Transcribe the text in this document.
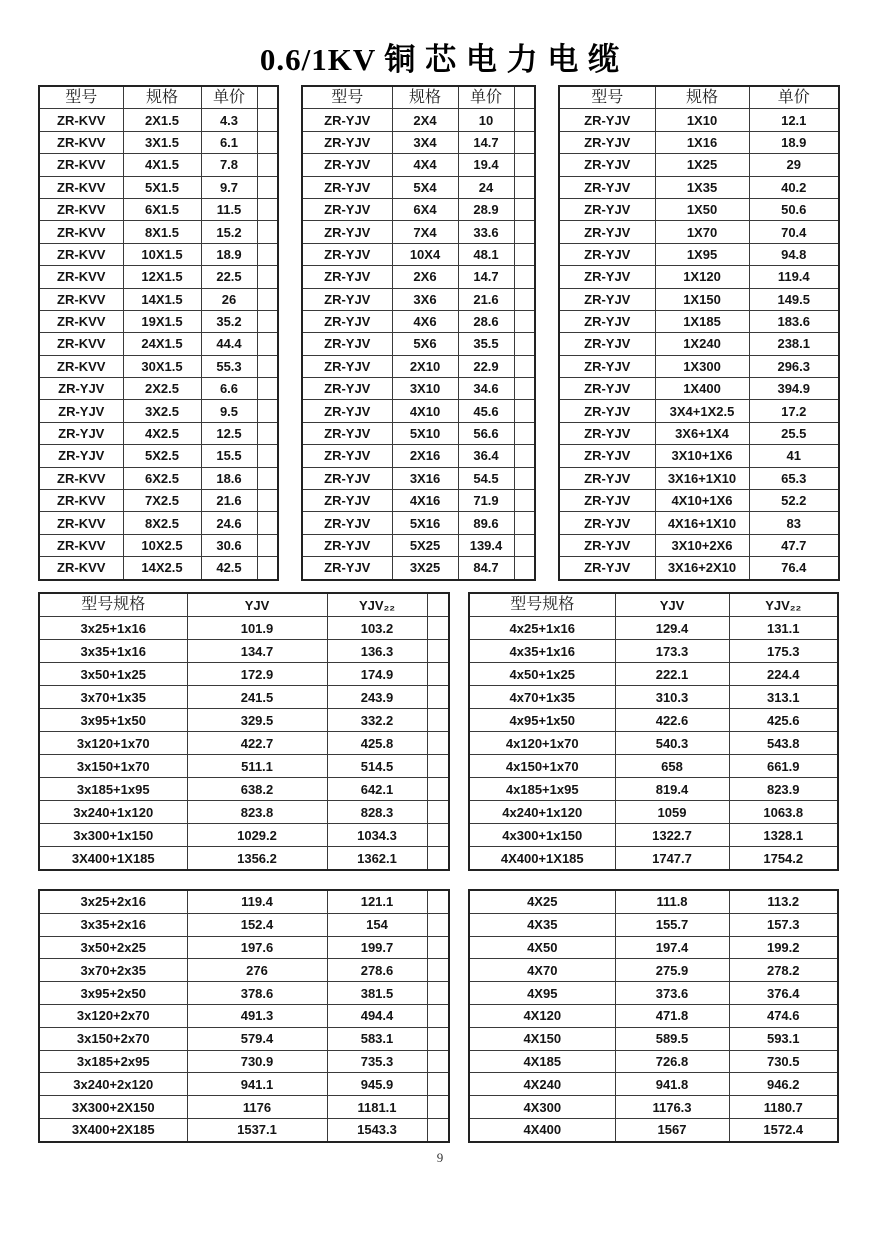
0.6/1KV 铜 芯 电 力 电 缆
型号	规格	单价	
ZR-KVV	2X1.5	4.3	
ZR-KVV	3X1.5	6.1	
ZR-KVV	4X1.5	7.8	
ZR-KVV	5X1.5	9.7	
ZR-KVV	6X1.5	11.5	
ZR-KVV	8X1.5	15.2	
ZR-KVV	10X1.5	18.9	
ZR-KVV	12X1.5	22.5	
ZR-KVV	14X1.5	26	
ZR-KVV	19X1.5	35.2	
ZR-KVV	24X1.5	44.4	
ZR-KVV	30X1.5	55.3	
ZR-YJV	2X2.5	6.6	
ZR-YJV	3X2.5	9.5	
ZR-YJV	4X2.5	12.5	
ZR-YJV	5X2.5	15.5	
ZR-KVV	6X2.5	18.6	
ZR-KVV	7X2.5	21.6	
ZR-KVV	8X2.5	24.6	
ZR-KVV	10X2.5	30.6	
ZR-KVV	14X2.5	42.5	
型号	规格	单价	
ZR-YJV	2X4	10	
ZR-YJV	3X4	14.7	
ZR-YJV	4X4	19.4	
ZR-YJV	5X4	24	
ZR-YJV	6X4	28.9	
ZR-YJV	7X4	33.6	
ZR-YJV	10X4	48.1	
ZR-YJV	2X6	14.7	
ZR-YJV	3X6	21.6	
ZR-YJV	4X6	28.6	
ZR-YJV	5X6	35.5	
ZR-YJV	2X10	22.9	
ZR-YJV	3X10	34.6	
ZR-YJV	4X10	45.6	
ZR-YJV	5X10	56.6	
ZR-YJV	2X16	36.4	
ZR-YJV	3X16	54.5	
ZR-YJV	4X16	71.9	
ZR-YJV	5X16	89.6	
ZR-YJV	5X25	139.4	
ZR-YJV	3X25	84.7	
型号	规格	单价
ZR-YJV	1X10	12.1
ZR-YJV	1X16	18.9
ZR-YJV	1X25	29
ZR-YJV	1X35	40.2
ZR-YJV	1X50	50.6
ZR-YJV	1X70	70.4
ZR-YJV	1X95	94.8
ZR-YJV	1X120	119.4
ZR-YJV	1X150	149.5
ZR-YJV	1X185	183.6
ZR-YJV	1X240	238.1
ZR-YJV	1X300	296.3
ZR-YJV	1X400	394.9
ZR-YJV	3X4+1X2.5	17.2
ZR-YJV	3X6+1X4	25.5
ZR-YJV	3X10+1X6	41
ZR-YJV	3X16+1X10	65.3
ZR-YJV	4X10+1X6	52.2
ZR-YJV	4X16+1X10	83
ZR-YJV	3X10+2X6	47.7
ZR-YJV	3X16+2X10	76.4
型号规格	YJV	YJV₂₂	
3x25+1x16	101.9	103.2	
3x35+1x16	134.7	136.3	
3x50+1x25	172.9	174.9	
3x70+1x35	241.5	243.9	
3x95+1x50	329.5	332.2	
3x120+1x70	422.7	425.8	
3x150+1x70	511.1	514.5	
3x185+1x95	638.2	642.1	
3x240+1x120	823.8	828.3	
3x300+1x150	1029.2	1034.3	
3X400+1X185	1356.2	1362.1	
型号规格	YJV	YJV₂₂
4x25+1x16	129.4	131.1
4x35+1x16	173.3	175.3
4x50+1x25	222.1	224.4
4x70+1x35	310.3	313.1
4x95+1x50	422.6	425.6
4x120+1x70	540.3	543.8
4x150+1x70	658	661.9
4x185+1x95	819.4	823.9
4x240+1x120	1059	1063.8
4x300+1x150	1322.7	1328.1
4X400+1X185	1747.7	1754.2
3x25+2x16	119.4	121.1	
3x35+2x16	152.4	154	
3x50+2x25	197.6	199.7	
3x70+2x35	276	278.6	
3x95+2x50	378.6	381.5	
3x120+2x70	491.3	494.4	
3x150+2x70	579.4	583.1	
3x185+2x95	730.9	735.3	
3x240+2x120	941.1	945.9	
3X300+2X150	1176	1181.1	
3X400+2X185	1537.1	1543.3	
4X25	111.8	113.2
4X35	155.7	157.3
4X50	197.4	199.2
4X70	275.9	278.2
4X95	373.6	376.4
4X120	471.8	474.6
4X150	589.5	593.1
4X185	726.8	730.5
4X240	941.8	946.2
4X300	1176.3	1180.7
4X400	1567	1572.4
9
